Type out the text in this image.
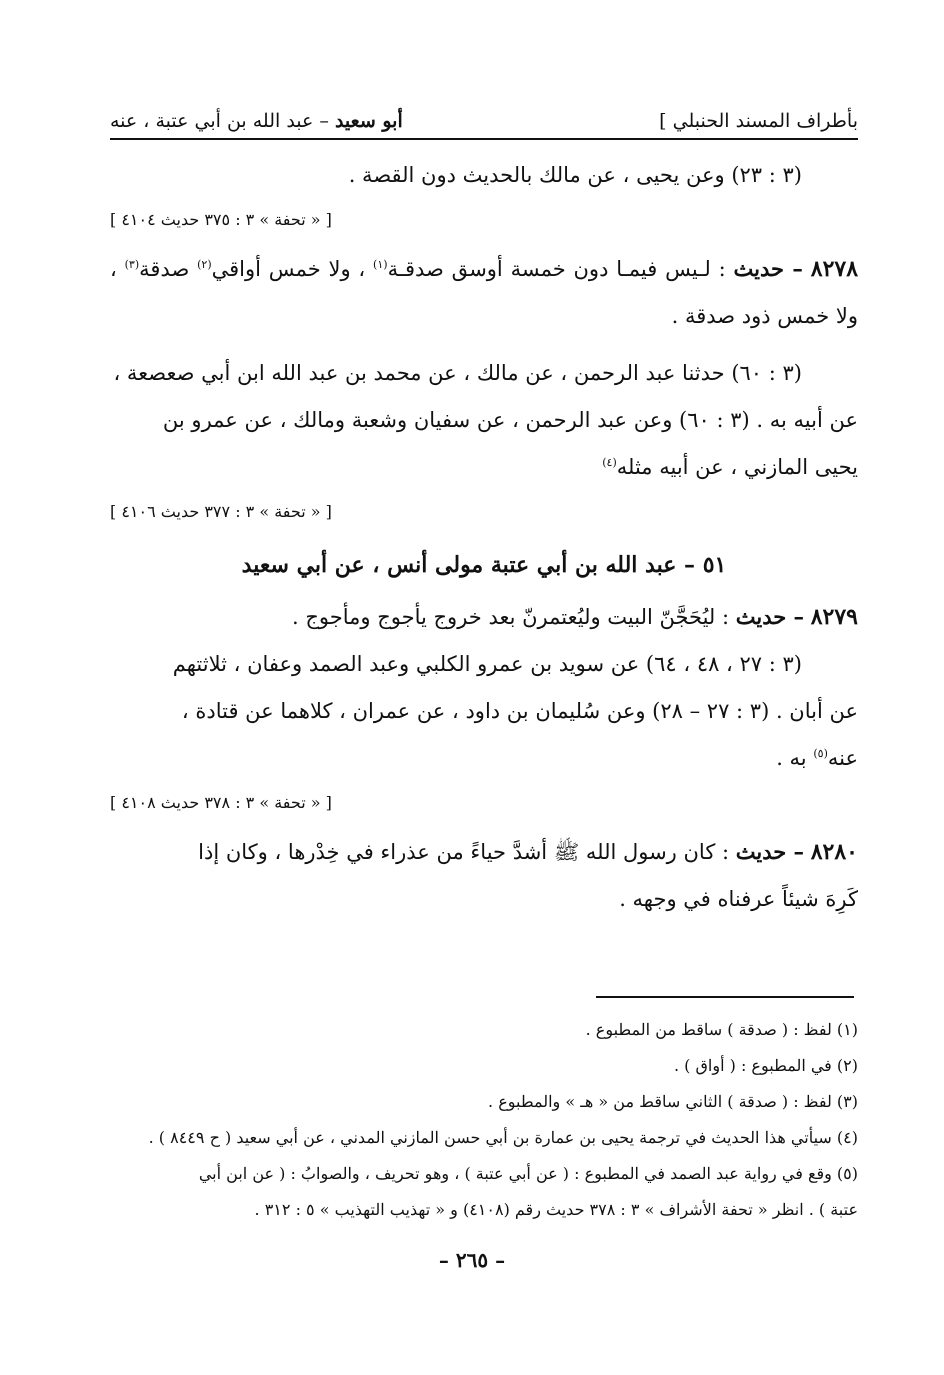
بأطراف المسند الحنبلي ]
أبو سعيد – عبد الله بن أبي عتبة ، عنه

(٣ : ٢٣) وعن يحيى ، عن مالك بالحديث دون القصة .

[ « تحفة » ٣ : ٣٧٥ حديث ٤١٠٤ ]

٨٢٧٨ – حديث : لـيس فيمـا دون خمسة أوسق صدقـة$^{(١)}$ ، ولا خمس أواقي$^{(٢)}$ صدقة$^{(٣)}$ ، ولا خمس ذود صدقة .

(٣ : ٦٠) حدثنا عبد الرحمن ، عن مالك ، عن محمد بن عبد الله ابن أبي صعصعة ،

عن أبيه به . (٣ : ٦٠) وعن عبد الرحمن ، عن سفيان وشعبة ومالك ، عن عمرو بن

يحيى المازني ، عن أبيه مثله$^{(٤)}$

[ « تحفة » ٣ : ٣٧٧ حديث ٤١٠٦ ]

٥١ – عبد الله بن أبي عتبة مولى أنس ، عن أبي سعيد

٨٢٧٩ – حديث : ليُحَجَّنّ البيت وليُعتمرنّ بعد خروج يأجوج ومأجوج .

(٣ : ٢٧ ، ٤٨ ، ٦٤) عن سويد بن عمرو الكلبي وعبد الصمد وعفان ، ثلاثتهم

عن أبان . (٣ : ٢٧ – ٢٨) وعن سُليمان بن داود ، عن عمران ، كلاهما عن قتادة ،

عنه$^{(٥)}$ به .

[ « تحفة » ٣ : ٣٧٨ حديث ٤١٠٨ ]

٨٢٨٠ – حديث : كان رسول الله ﷺ أشدَّ حياءً من عذراء في خِدْرها ، وكان إذا

كَرِهَ شيئاً عرفناه في وجهه .

(١) لفظ : ( صدقة ) ساقط من المطبوع .

(٢) في المطبوع : ( أواق ) .

(٣) لفظ : ( صدقة ) الثاني ساقط من « هـ » والمطبوع .

(٤) سيأتي هذا الحديث في ترجمة يحيى بن عمارة بن أبي حسن المازني المدني ، عن أبي سعيد ( ح ٨٤٤٩ ) .

(٥) وقع في رواية عبد الصمد في المطبوع : ( عن أبي عتبة ) ، وهو تحريف ، والصوابُ : ( عن ابن أبي

عتبة ) . انظر « تحفة الأشراف » ٣ : ٣٧٨ حديث رقم (٤١٠٨) و « تهذيب التهذيب » ٥ : ٣١٢ .

– ٢٦٥ –
